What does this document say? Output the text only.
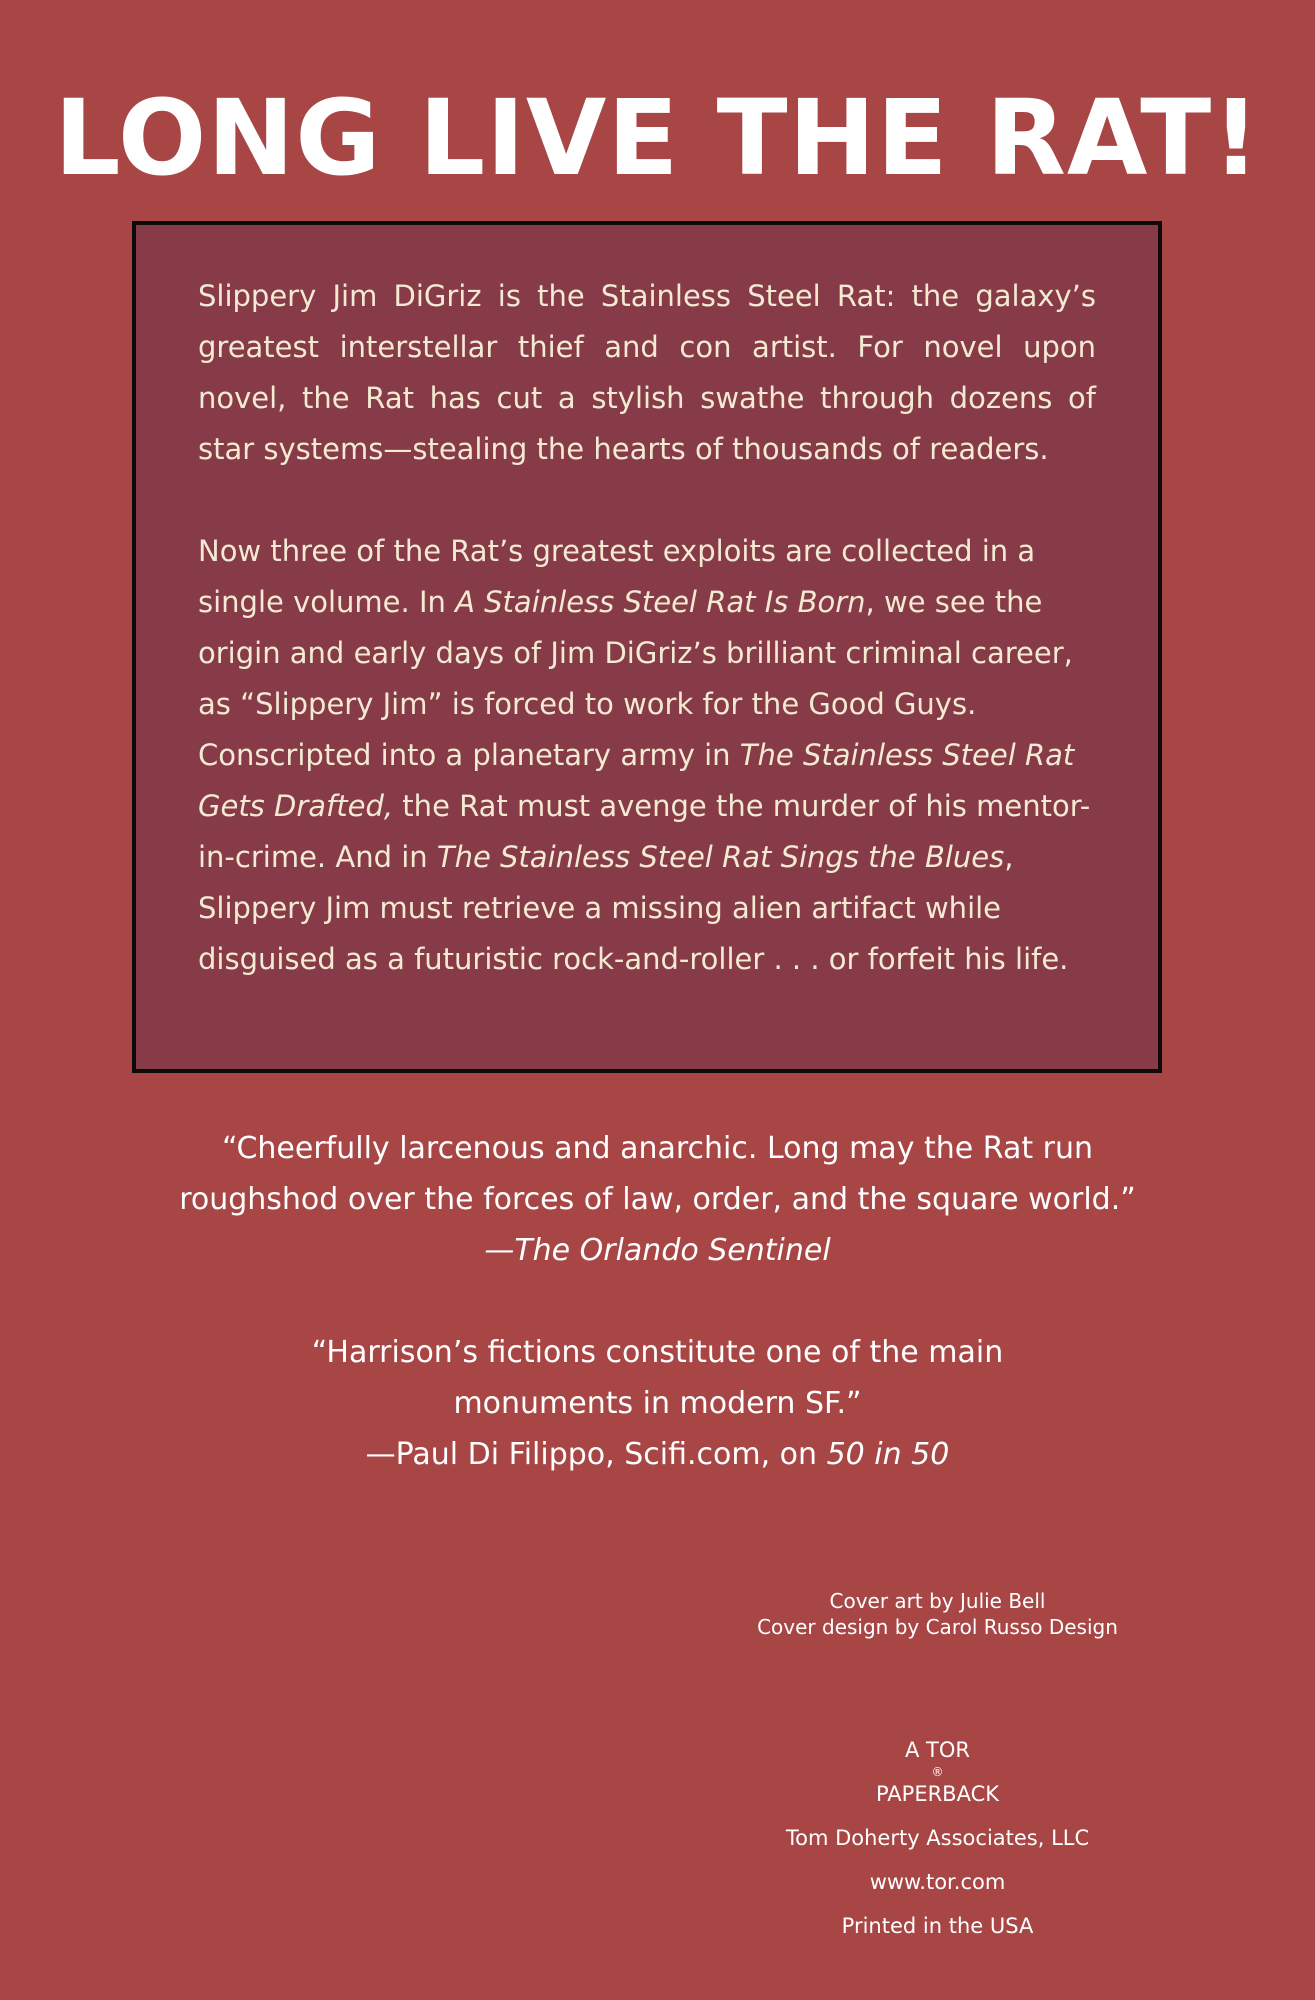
LONG LIVE THE RAT!

Slippery Jim DiGriz is the Stainless Steel Rat: the galaxy’s greatest interstellar thief and con artist. For novel upon novel, the Rat has cut a stylish swathe through dozens of star systems—stealing the hearts of thousands of readers.

Now three of the Rat’s greatest exploits are collected in a single volume. In A Stainless Steel Rat Is Born, we see the origin and early days of Jim DiGriz’s brilliant criminal career, as “Slippery Jim” is forced to work for the Good Guys. Conscripted into a planetary army in The Stainless Steel Rat Gets Drafted, the Rat must avenge the murder of his mentor-in-crime. And in The Stainless Steel Rat Sings the Blues, Slippery Jim must retrieve a missing alien artifact while disguised as a futuristic rock-and-roller . . . or forfeit his life.

“Cheerfully larcenous and anarchic. Long may the Rat run
roughshod over the forces of law, order, and the square world.”
—The Orlando Sentinel
“Harrison’s fictions constitute one of the main
monuments in modern SF.”
—Paul Di Filippo, Scifi.com, on 50 in 50
Cover art by Julie Bell
Cover design by Carol Russo Design
A TOR
®
PAPERBACK
Tom Doherty Associates, LLC
www.tor.com
Printed in the USA
